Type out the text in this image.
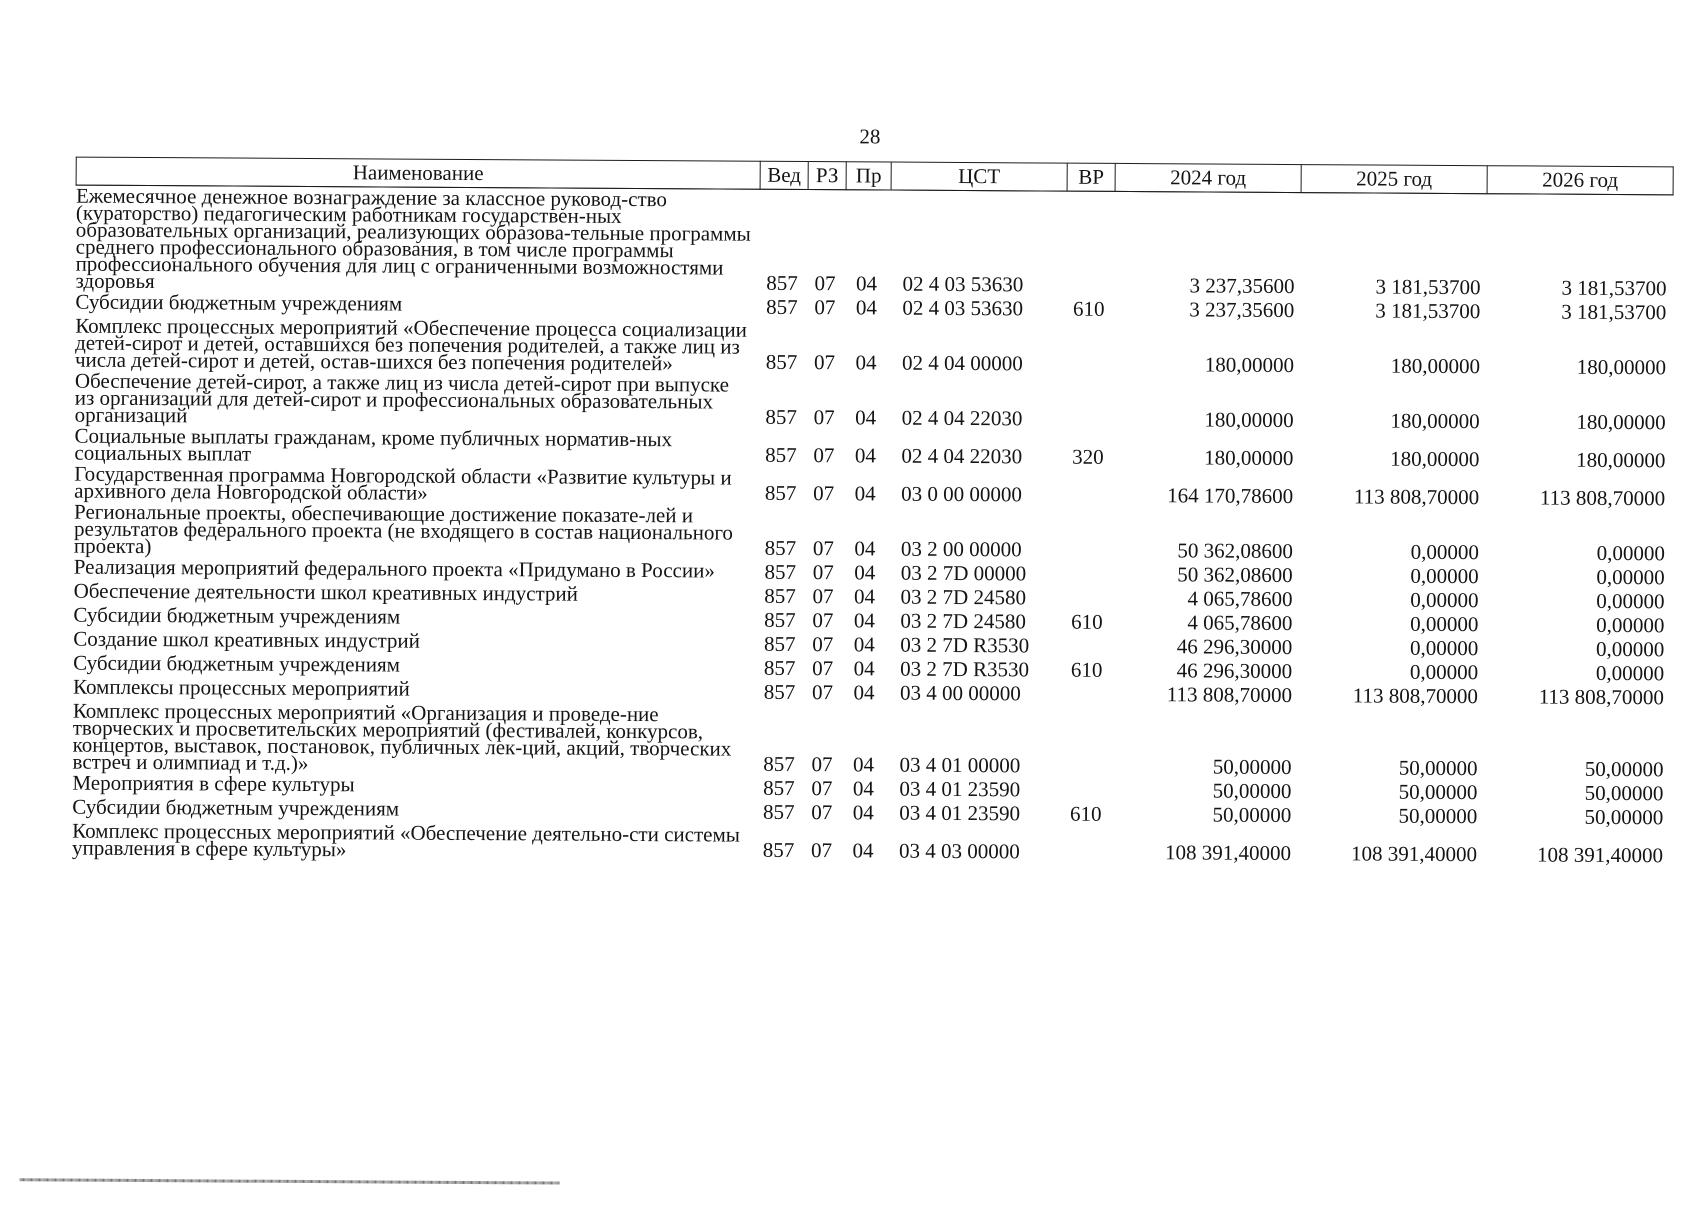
28
Наименование	Вед	РЗ	Пр	ЦСТ	ВР	2024 год	2025 год	2026 год
Ежемесячное денежное вознаграждение за классное руковод-ство (кураторство) педагогическим работникам государствен-ных образовательных организаций, реализующих образова-тельные программы среднего профессионального образования, в том числе программы профессионального обучения для лиц с ограниченными возможностями здоровья	857	07	04	02 4 03 53630		3 237,35600	3 181,53700	3 181,53700
Субсидии бюджетным учреждениям	857	07	04	02 4 03 53630	610	3 237,35600	3 181,53700	3 181,53700
Комплекс процессных мероприятий «Обеспечение процесса социализации детей-сирот и детей, оставшихся без попечения родителей, а также лиц из числа детей-сирот и детей, остав-шихся без попечения родителей»	857	07	04	02 4 04 00000		180,00000	180,00000	180,00000
Обеспечение детей-сирот, а также лиц из числа детей-сирот при выпуске из организаций для детей-сирот и профессиональных образовательных организаций	857	07	04	02 4 04 22030		180,00000	180,00000	180,00000
Социальные выплаты гражданам, кроме публичных норматив-ных социальных выплат	857	07	04	02 4 04 22030	320	180,00000	180,00000	180,00000
Государственная программа Новгородской области «Развитие культуры и архивного дела Новгородской области»	857	07	04	03 0 00 00000		164 170,78600	113 808,70000	113 808,70000
Региональные проекты, обеспечивающие достижение показате-лей и результатов федерального проекта (не входящего в состав национального проекта)	857	07	04	03 2 00 00000		50 362,08600	0,00000	0,00000
Реализация мероприятий федерального проекта «Придумано в России»	857	07	04	03 2 7D 00000		50 362,08600	0,00000	0,00000
Обеспечение деятельности школ креативных индустрий	857	07	04	03 2 7D 24580		4 065,78600	0,00000	0,00000
Субсидии бюджетным учреждениям	857	07	04	03 2 7D 24580	610	4 065,78600	0,00000	0,00000
Создание школ креативных индустрий	857	07	04	03 2 7D R3530		46 296,30000	0,00000	0,00000
Субсидии бюджетным учреждениям	857	07	04	03 2 7D R3530	610	46 296,30000	0,00000	0,00000
Комплексы процессных мероприятий	857	07	04	03 4 00 00000		113 808,70000	113 808,70000	113 808,70000
Комплекс процессных мероприятий «Организация и проведе-ние творческих и просветительских мероприятий (фестивалей, конкурсов, концертов, выставок, постановок, публичных лек-ций, акций, творческих встреч и олимпиад и т.д.)»	857	07	04	03 4 01 00000		50,00000	50,00000	50,00000
Мероприятия в сфере культуры	857	07	04	03 4 01 23590		50,00000	50,00000	50,00000
Субсидии бюджетным учреждениям	857	07	04	03 4 01 23590	610	50,00000	50,00000	50,00000
Комплекс процессных мероприятий «Обеспечение деятельно-сти системы управления в сфере культуры»	857	07	04	03 4 03 00000		108 391,40000	108 391,40000	108 391,40000
